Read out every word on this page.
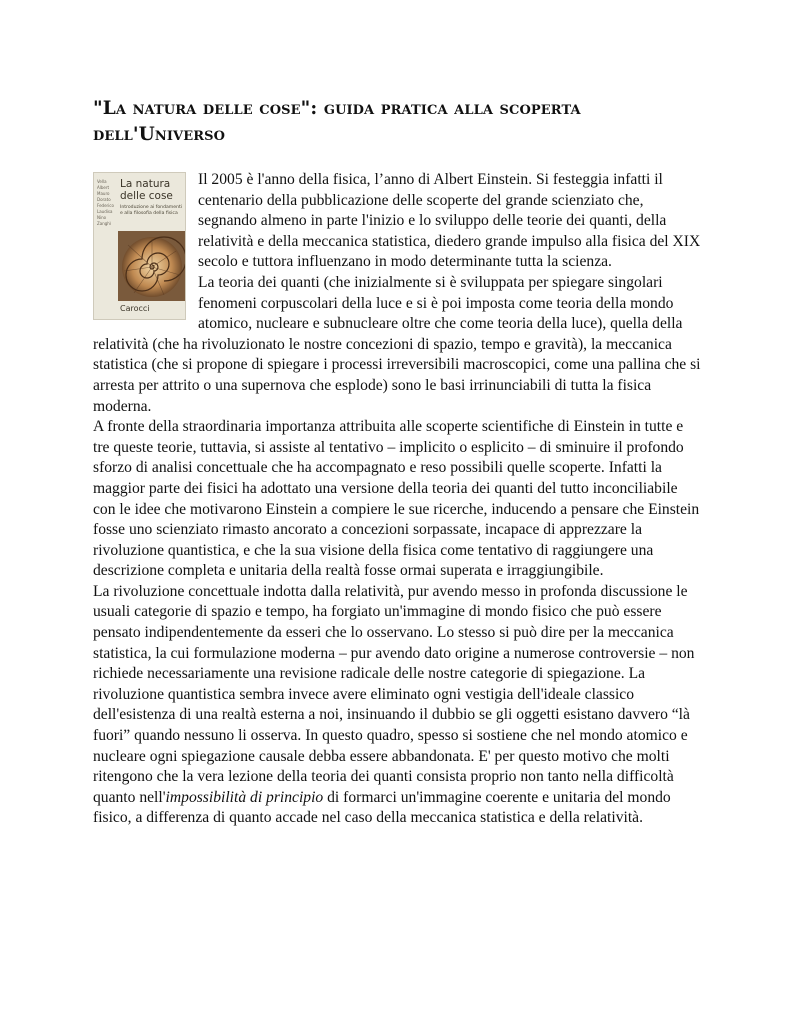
"La natura delle cose": guida pratica alla scoperta
dell'Universo
Vella
Albert
Mauro
Dorato
Federico
Laudisa
Nino
Zanghì
La natura delle cose
Introduzione ai fondamenti e alla filosofia della fisica
Carocci

Il 2005 è l'anno della fisica, l’anno di Albert Einstein. Si festeggia infatti il centenario della pubblicazione delle scoperte del grande scienziato che, segnando almeno in parte l'inizio e lo sviluppo delle teorie dei quanti, della relatività e della meccanica statistica, diedero grande impulso alla fisica del XIX secolo e tuttora influenzano in modo determinante tutta la scienza.

La teoria dei quanti (che inizialmente si è sviluppata per spiegare singolari fenomeni corpuscolari della luce e si è poi imposta come teoria della mondo atomico, nucleare e subnucleare oltre che come teoria della luce), quella della relatività (che ha rivoluzionato le nostre concezioni di spazio, tempo e gravità), la meccanica statistica (che si propone di spiegare i processi irreversibili macroscopici, come una pallina che si arresta per attrito o una supernova che esplode) sono le basi irrinunciabili di tutta la fisica moderna.

A fronte della straordinaria importanza attribuita alle scoperte scientifiche di Einstein in tutte e tre queste teorie, tuttavia, si assiste al tentativo – implicito o esplicito – di sminuire il profondo sforzo di analisi concettuale che ha accompagnato e reso possibili quelle scoperte. Infatti la maggior parte dei fisici ha adottato una versione della teoria dei quanti del tutto inconciliabile con le idee che motivarono Einstein a compiere le sue ricerche, inducendo a pensare che Einstein fosse uno scienziato rimasto ancorato a concezioni sorpassate, incapace di apprezzare la rivoluzione quantistica, e che la sua visione della fisica come tentativo di raggiungere una descrizione completa e unitaria della realtà fosse ormai superata e irraggiungibile.

La rivoluzione concettuale indotta dalla relatività, pur avendo messo in profonda discussione le usuali categorie di spazio e tempo, ha forgiato un'immagine di mondo fisico che può essere pensato indipendentemente da esseri che lo osservano. Lo stesso si può dire per la meccanica statistica, la cui formulazione moderna – pur avendo dato origine a numerose controversie – non richiede necessariamente una revisione radicale delle nostre categorie di spiegazione. La rivoluzione quantistica sembra invece avere eliminato ogni vestigia dell'ideale classico dell'esistenza di una realtà esterna a noi, insinuando il dubbio se gli oggetti esistano davvero “là fuori” quando nessuno li osserva. In questo quadro, spesso si sostiene che nel mondo atomico e nucleare ogni spiegazione causale debba essere abbandonata. E' per questo motivo che molti ritengono che la vera lezione della teoria dei quanti consista proprio non tanto nella difficoltà quanto nell'impossibilità di principio di formarci un'immagine coerente e unitaria del mondo fisico, a differenza di quanto accade nel caso della meccanica statistica e della relatività.
